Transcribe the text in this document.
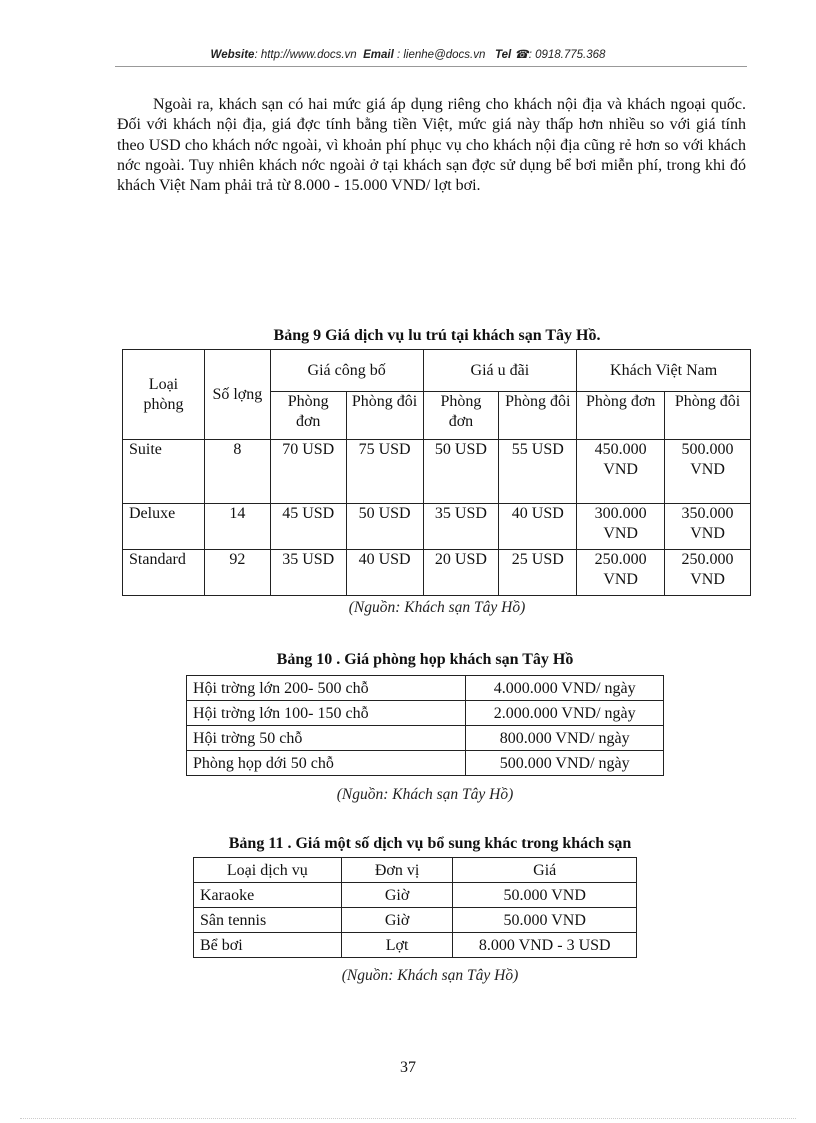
Website: http://www.docs.vn Email : lienhe@docs.vn Tel ☎: 0918.775.368

Ngoài ra, khách sạn có hai mức giá áp dụng riêng cho khách nội địa và khách ngoại quốc. Đối với khách nội địa, giá đợc tính bằng tiền Việt, mức giá này thấp hơn nhiều so với giá tính theo USD cho khách nớc ngoài, vì khoản phí phục vụ cho khách nội địa cũng rẻ hơn so với khách nớc ngoài. Tuy nhiên khách nớc ngoài ở tại khách sạn đợc sử dụng bể bơi miễn phí, trong khi đó khách Việt Nam phải trả từ 8.000 - 15.000 VND/ lợt bơi.

Bảng 9 Giá dịch vụ lu trú tại khách sạn Tây Hồ.
Loại phòng	Số lợng	Giá công bố		Giá u đãi		Khách Việt Nam	
		Phòng đơn	Phòng đôi	Phòng đơn	Phòng đôi	Phòng đơn	Phòng đôi
Suite	8	70 USD	75 USD	50 USD	55 USD	450.000 VND	500.000 VND
Deluxe	14	45 USD	50 USD	35 USD	40 USD	300.000 VND	350.000 VND
Standard	92	35 USD	40 USD	20 USD	25 USD	250.000 VND	250.000 VND
(Nguồn: Khách sạn Tây Hồ)
Bảng 10 . Giá phòng họp khách sạn Tây Hồ
Hội trờng lớn 200- 500 chỗ	4.000.000 VND/ ngày
Hội trờng lớn 100- 150 chỗ	2.000.000 VND/ ngày
Hội trờng 50 chỗ	800.000 VND/ ngày
Phòng họp dới 50 chỗ	500.000 VND/ ngày
(Nguồn: Khách sạn Tây Hồ)
Bảng 11 . Giá một số dịch vụ bổ sung khác trong khách sạn
Loại dịch vụ	Đơn vị	Giá
Karaoke	Giờ	50.000 VND
Sân tennis	Giờ	50.000 VND
Bể bơi	Lợt	8.000 VND - 3 USD
(Nguồn: Khách sạn Tây Hồ)
37
